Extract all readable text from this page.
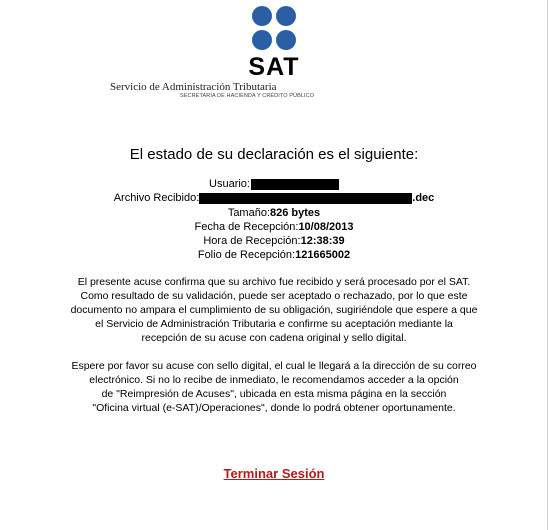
SAT
Servicio de Administración Tributaria
SECRETARÍA DE HACIENDA Y CRÉDITO PÚBLICO
El estado de su declaración es el siguiente:
Usuario:
Archivo Recibido:	.dec
Tamaño: 826 bytes
Fecha de Recepción: 10/08/2013
Hora de Recepción: 12:38:39
Folio de Recepción: 121665002
El presente acuse confirma que su archivo fue recibido y será procesado por el SAT.
Como resultado de su validación, puede ser aceptado o rechazado, por lo que este
documento no ampara el cumplimiento de su obligación, sugiriéndole que espere a que
el Servicio de Administración Tributaria e confirme su aceptación mediante la
recepción de su acuse con cadena original y sello digital.
Espere por favor su acuse con sello digital, el cual le llegará a la dirección de su correo
electrónico. Si no lo recibe de inmediato, le recomendamos acceder a la opción
de "Reimpresión de Acuses", ubicada en esta misma página en la sección
"Oficina virtual (e-SAT)/Operaciones", donde lo podrá obtener oportunamente.
Terminar Sesión
